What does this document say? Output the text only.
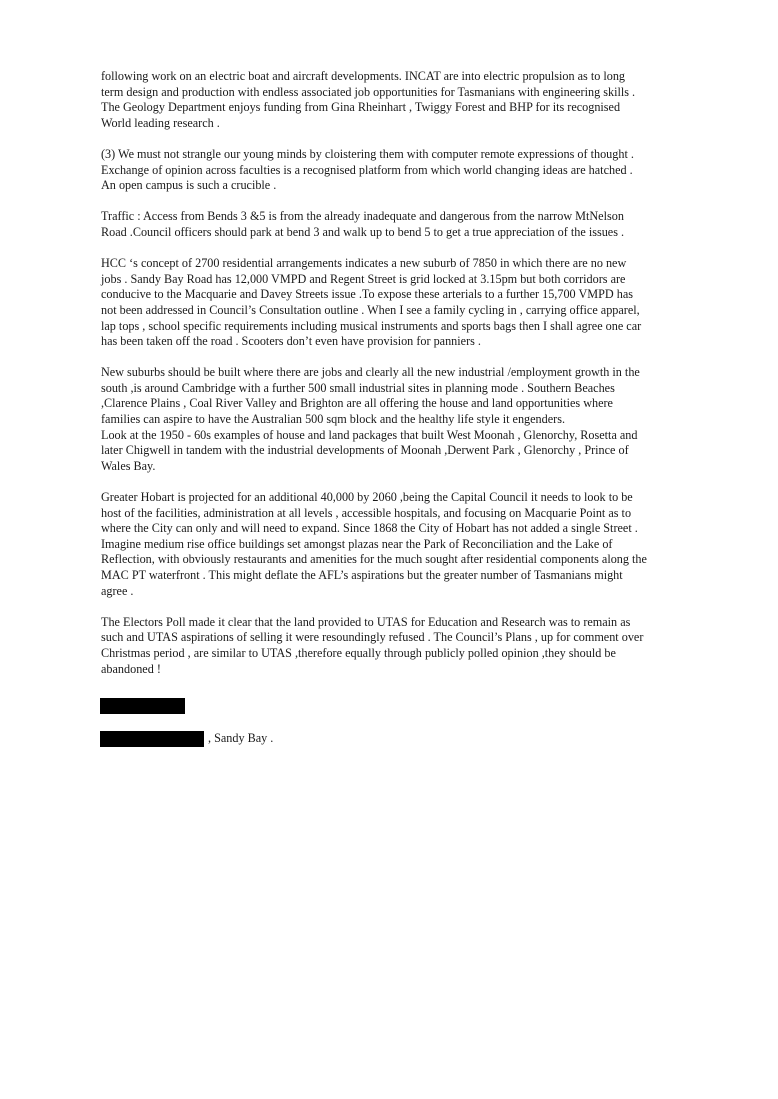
following work on an electric boat and aircraft developments. INCAT are into electric propulsion as to long
term design and production with endless associated job opportunities for Tasmanians with engineering skills .
The Geology Department enjoys funding from Gina Rheinhart , Twiggy Forest and BHP for its recognised
World leading research .

(3) We must not strangle our young minds by cloistering them with computer remote expressions of thought .
Exchange of opinion across faculties is a recognised platform from which world changing ideas are hatched .
An open campus is such a crucible .

Traffic : Access from Bends 3 &5 is from the already inadequate and dangerous from the narrow MtNelson
Road .Council officers should park at bend 3 and walk up to bend 5 to get a true appreciation of the issues .

HCC ‘s concept of 2700 residential arrangements indicates a new suburb of 7850 in which there are no new
jobs . Sandy Bay Road has 12,000 VMPD and Regent Street is grid locked at 3.15pm but both corridors are
conducive to the Macquarie and Davey Streets issue .To expose these arterials to a further 15,700 VMPD has
not been addressed in Council’s Consultation outline . When I see a family cycling in , carrying office apparel,
lap tops , school specific requirements including musical instruments and sports bags then I shall agree one car
has been taken off the road . Scooters don’t even have provision for panniers .

New suburbs should be built where there are jobs and clearly all the new industrial /employment growth in the
south ,is around Cambridge with a further 500 small industrial sites in planning mode . Southern Beaches
,Clarence Plains , Coal River Valley and Brighton are all offering the house and land opportunities where
families can aspire to have the Australian 500 sqm block and the healthy life style it engenders.

Look at the 1950 - 60s examples of house and land packages that built West Moonah , Glenorchy, Rosetta and
later Chigwell in tandem with the industrial developments of Moonah ,Derwent Park , Glenorchy , Prince of
Wales Bay.

Greater Hobart is projected for an additional 40,000 by 2060 ,being the Capital Council it needs to look to be
host of the facilities, administration at all levels , accessible hospitals, and focusing on Macquarie Point as to
where the City can only and will need to expand. Since 1868 the City of Hobart has not added a single Street .
Imagine medium rise office buildings set amongst plazas near the Park of Reconciliation and the Lake of
Reflection, with obviously restaurants and amenities for the much sought after residential components along the
MAC PT waterfront . This might deflate the AFL’s aspirations but the greater number of Tasmanians might
agree .

The Electors Poll made it clear that the land provided to UTAS for Education and Research was to remain as
such and UTAS aspirations of selling it were resoundingly refused . The Council’s Plans , up for comment over
Christmas period , are similar to UTAS ,therefore equally through publicly polled opinion ,they should be
abandoned !

, Sandy Bay .
